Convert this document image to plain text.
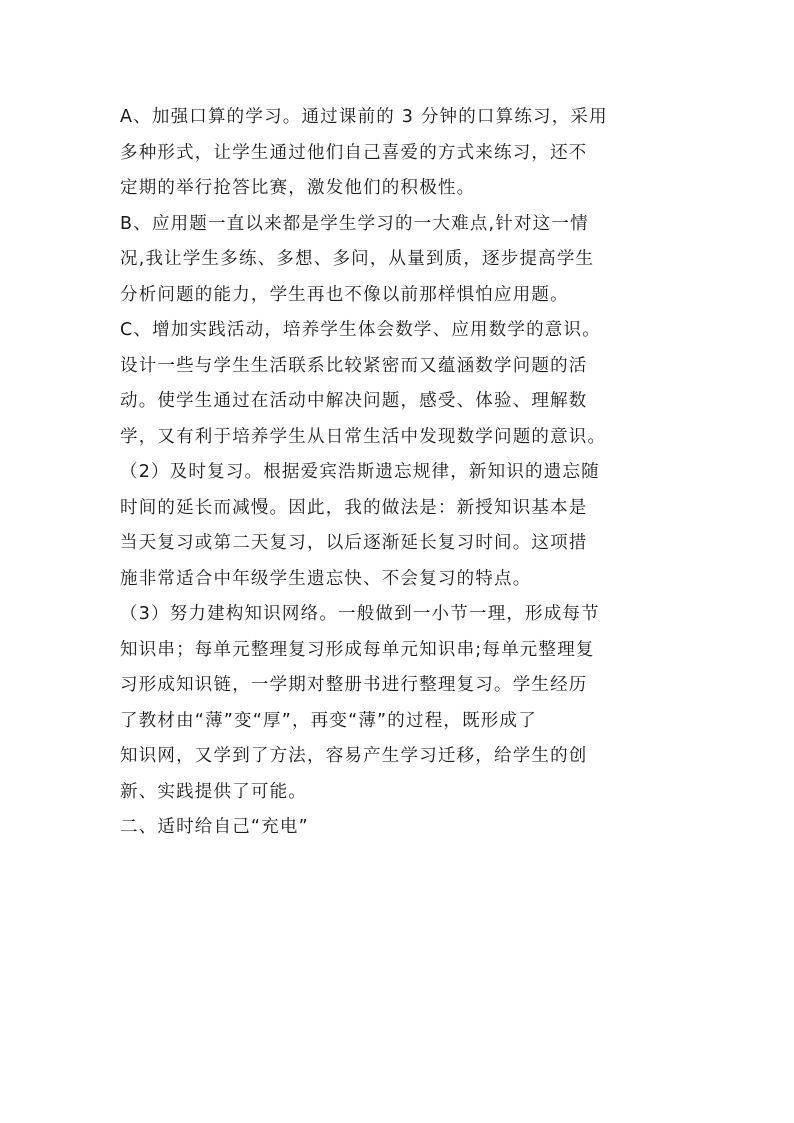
A、加强口算的学习。通过课前的 3 分钟的口算练习，采用
多种形式，让学生通过他们自己喜爱的方式来练习，还不
定期的举行抢答比赛，激发他们的积极性。
B、应用题一直以来都是学生学习的一大难点,针对这一情
况,我让学生多练、多想、多问，从量到质，逐步提高学生
分析问题的能力，学生再也不像以前那样惧怕应用题。
C、增加实践活动，培养学生体会数学、应用数学的意识。
设计一些与学生生活联系比较紧密而又蕴涵数学问题的活
动。使学生通过在活动中解决问题，感受、体验、理解数
学，又有利于培养学生从日常生活中发现数学问题的意识。
（2）及时复习。根据爱宾浩斯遗忘规律，新知识的遗忘随
时间的延长而减慢。因此，我的做法是：新授知识基本是
当天复习或第二天复习，以后逐渐延长复习时间。这项措
施非常适合中年级学生遗忘快、不会复习的特点。
（3）努力建构知识网络。一般做到一小节一理，形成每节
知识串；每单元整理复习形成每单元知识串;每单元整理复
习形成知识链，一学期对整册书进行整理复习。学生经历
了教材由“薄”变“厚”，再变“薄”的过程，既形成了
知识网，又学到了方法，容易产生学习迁移，给学生的创
新、实践提供了可能。
二、适时给自己“充电”
